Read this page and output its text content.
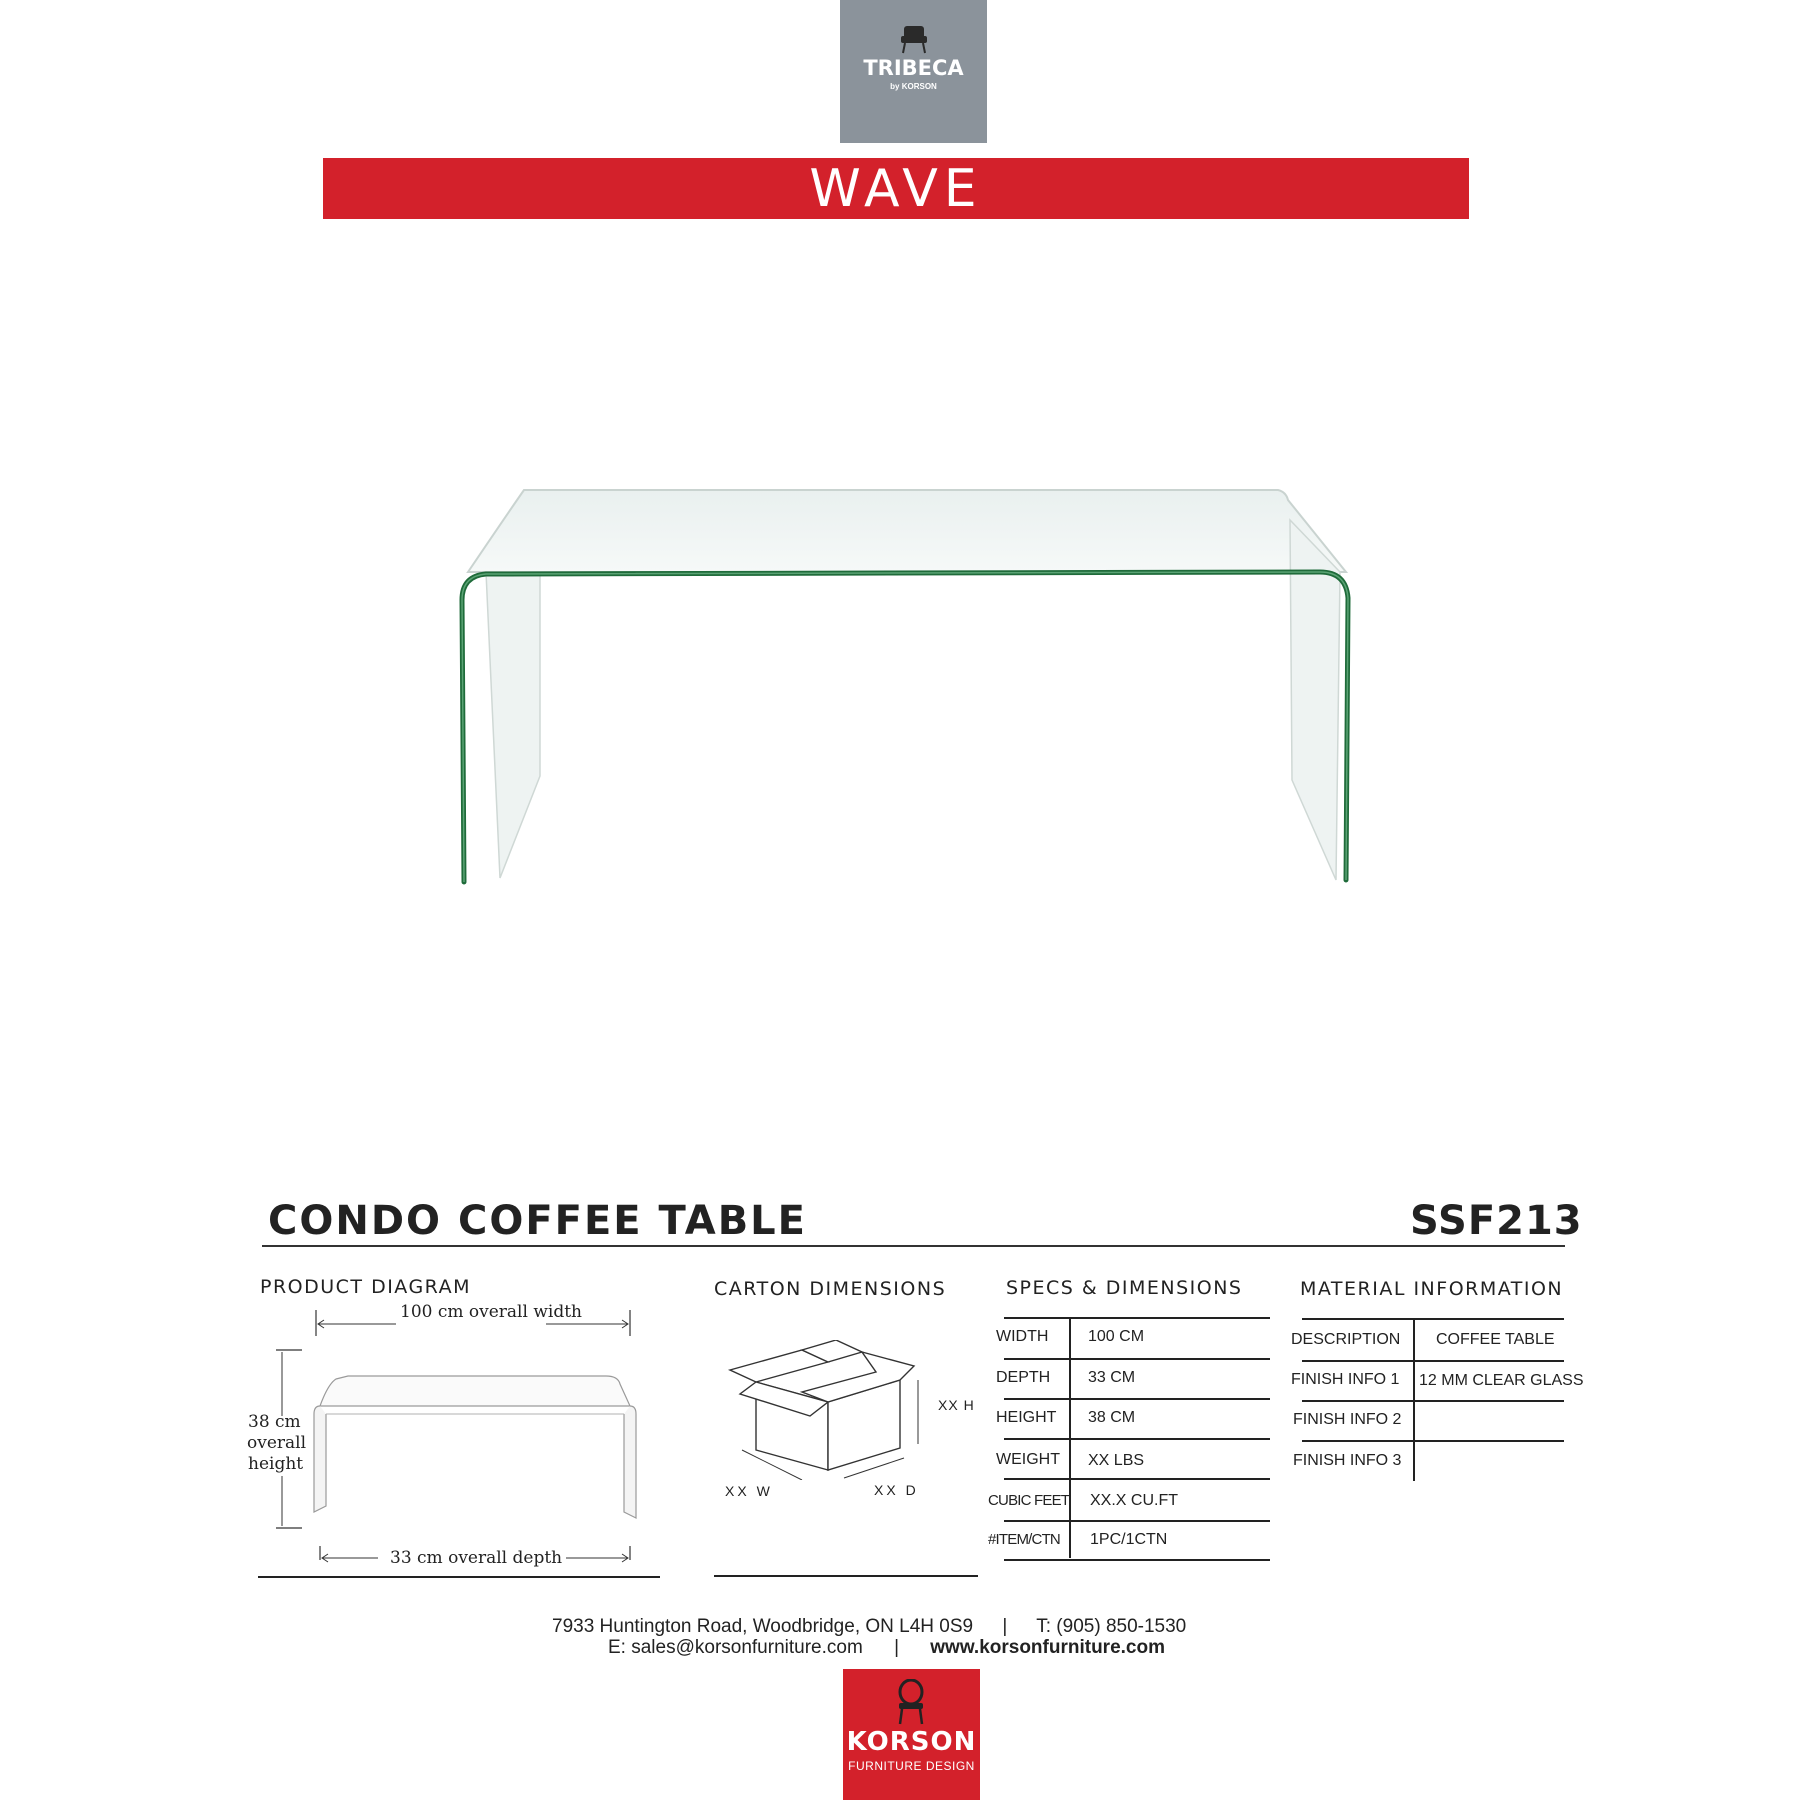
TRIBECA
by KORSON
WAVE
CONDO COFFEE TABLE	SSF213
PRODUCT DIAGRAM	CARTON DIMENSIONS	SPECS & DIMENSIONS	MATERIAL INFORMATION
100 cm overall width
38 cm
overall
height
33 cm overall depth
XX H
XX W	XX D
WIDTH 100 CM
DEPTH 33 CM
HEIGHT 38 CM
WEIGHT XX LBS
CUBIC FEET XX.X CU.FT
#ITEM/CTN 1PC/1CTN
DESCRIPTION COFFEE TABLE
FINISH INFO 1 12 MM CLEAR GLASS
FINISH INFO 2
FINISH INFO 3
7933 Huntington Road, Woodbridge, ON L4H 0S9 | T: (905) 850-1530
E: sales@korsonfurniture.com | www.korsonfurniture.com
KORSON
FURNITURE DESIGN
